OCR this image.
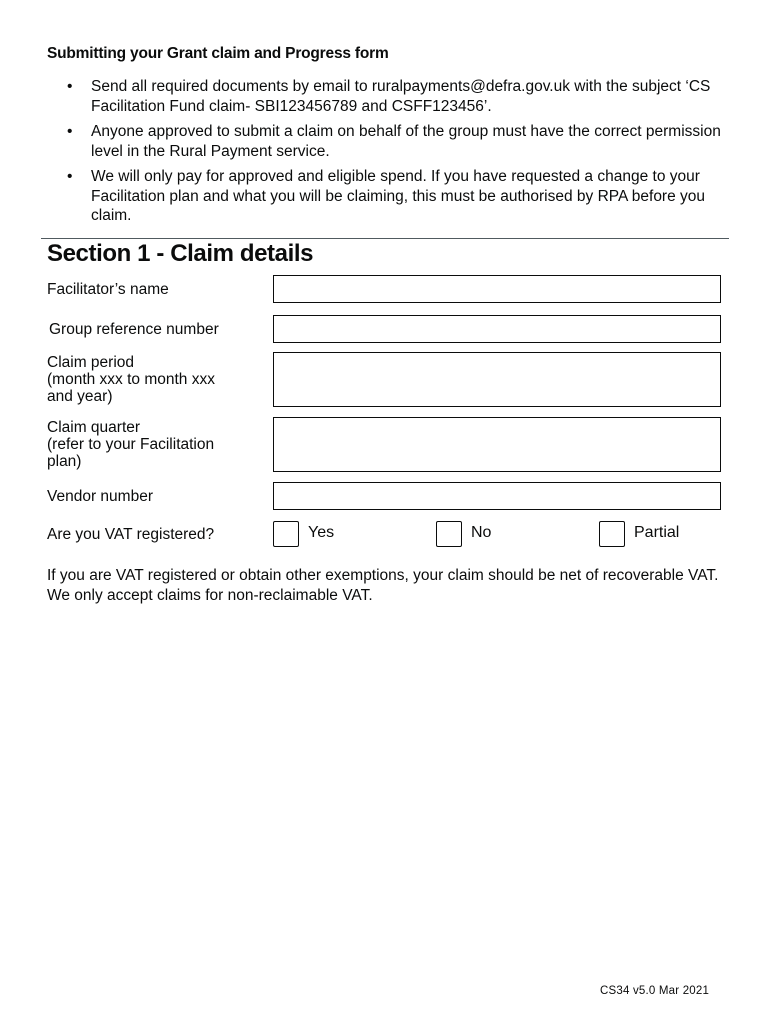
Submitting your Grant claim and Progress form
• Send all required documents by email to ruralpayments@defra.gov.uk with the subject ‘CS Facilitation Fund claim- SBI123456789 and CSFF123456’.
• Anyone approved to submit a claim on behalf of the group must have the correct permission level in the Rural Payment service.
• We will only pay for approved and eligible spend. If you have requested a change to your Facilitation plan and what you will be claiming, this must be authorised by RPA before you claim.
Section 1 - Claim details
Facilitator’s name
Group reference number
Claim period
(month xxx to month xxx
and year)
Claim quarter
(refer to your Facilitation
plan)
Vendor number
Are you VAT registered?	Yes	No	Partial
If you are VAT registered or obtain other exemptions, your claim should be net of recoverable VAT.
We only accept claims for non-reclaimable VAT.
CS34 v5.0 Mar 2021
